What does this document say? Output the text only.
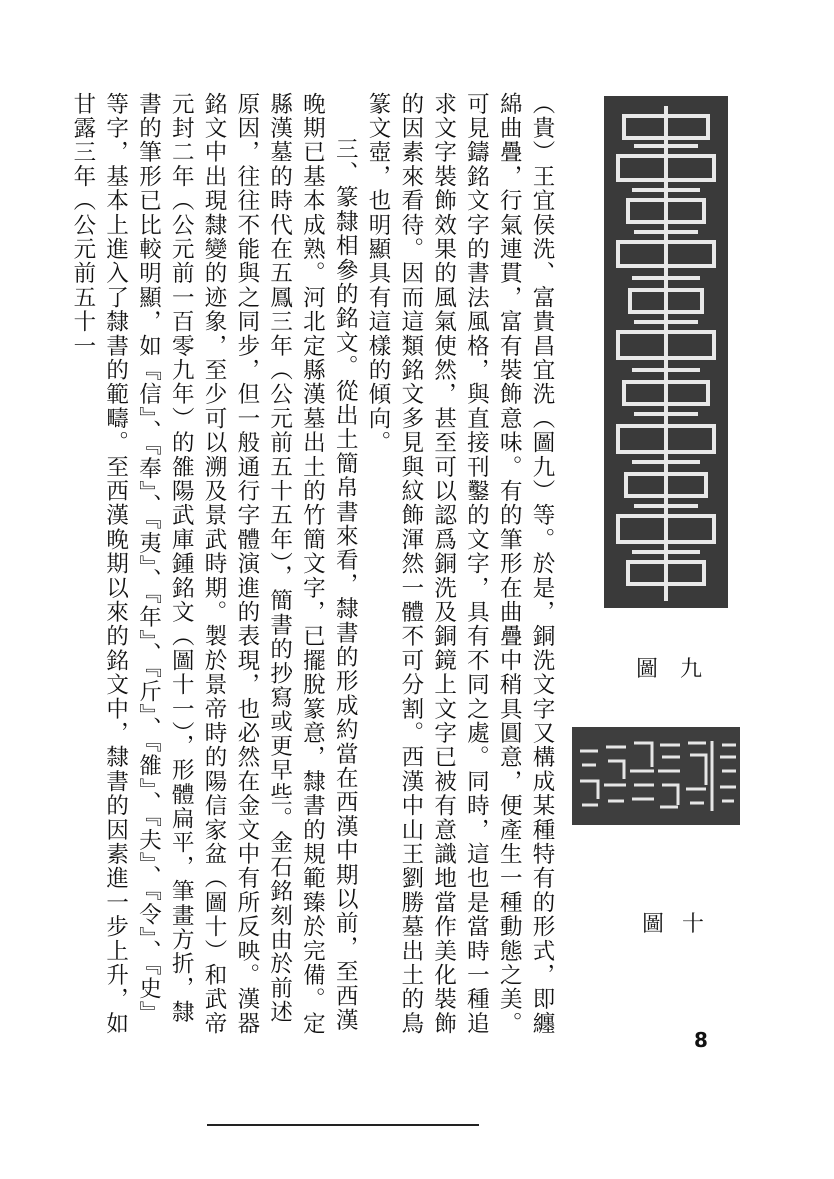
（貴）王宜侯洗、富貴昌宜洗（圖九）等。於是，銅洗文字又構成某種特有的形式，即纏綿曲疊，行氣連貫，富有裝飾意味。有的筆形在曲疊中稍具圓意，便產生一種動態之美。可見鑄銘文字的書法風格，與直接刊鑿的文字，具有不同之處。同時，這也是當時一種追求文字裝飾效果的風氣使然，甚至可以認爲銅洗及銅鏡上文字已被有意識地當作美化裝飾的因素來看待。因而這類銘文多見與紋飾渾然一體不可分割。西漢中山王劉勝墓出土的鳥篆文壺，也明顯具有這樣的傾向。

三、篆隸相參的銘文。從出土簡帛書來看，隸書的形成約當在西漢中期以前，至西漢晚期已基本成熟。河北定縣漢墓出土的竹簡文字，已擺脫篆意，隸書的規範臻於完備。定縣漢墓的時代在五鳳三年（公元前五十五年），簡書的抄寫或更早些。金石銘刻由於前述原因，往往不能與之同步，但一般通行字體演進的表現，也必然在金文中有所反映。漢器銘文中出現隸變的迹象，至少可以溯及景武時期。製於景帝時的陽信家盆（圖十）和武帝元封二年（公元前一百零九年）的雒陽武庫鍾銘文（圖十一），形體扁平，筆畫方折，隸書的筆形已比較明顯，如『信』、『奉』、『夷』、『年』、『斤』、『雒』、『夫』、『令』、『史』等字，基本上進入了隸書的範疇。至西漢晚期以來的銘文中，隸書的因素進一步上升，如甘露三年（公元前五十一

圖九
圖十
8
